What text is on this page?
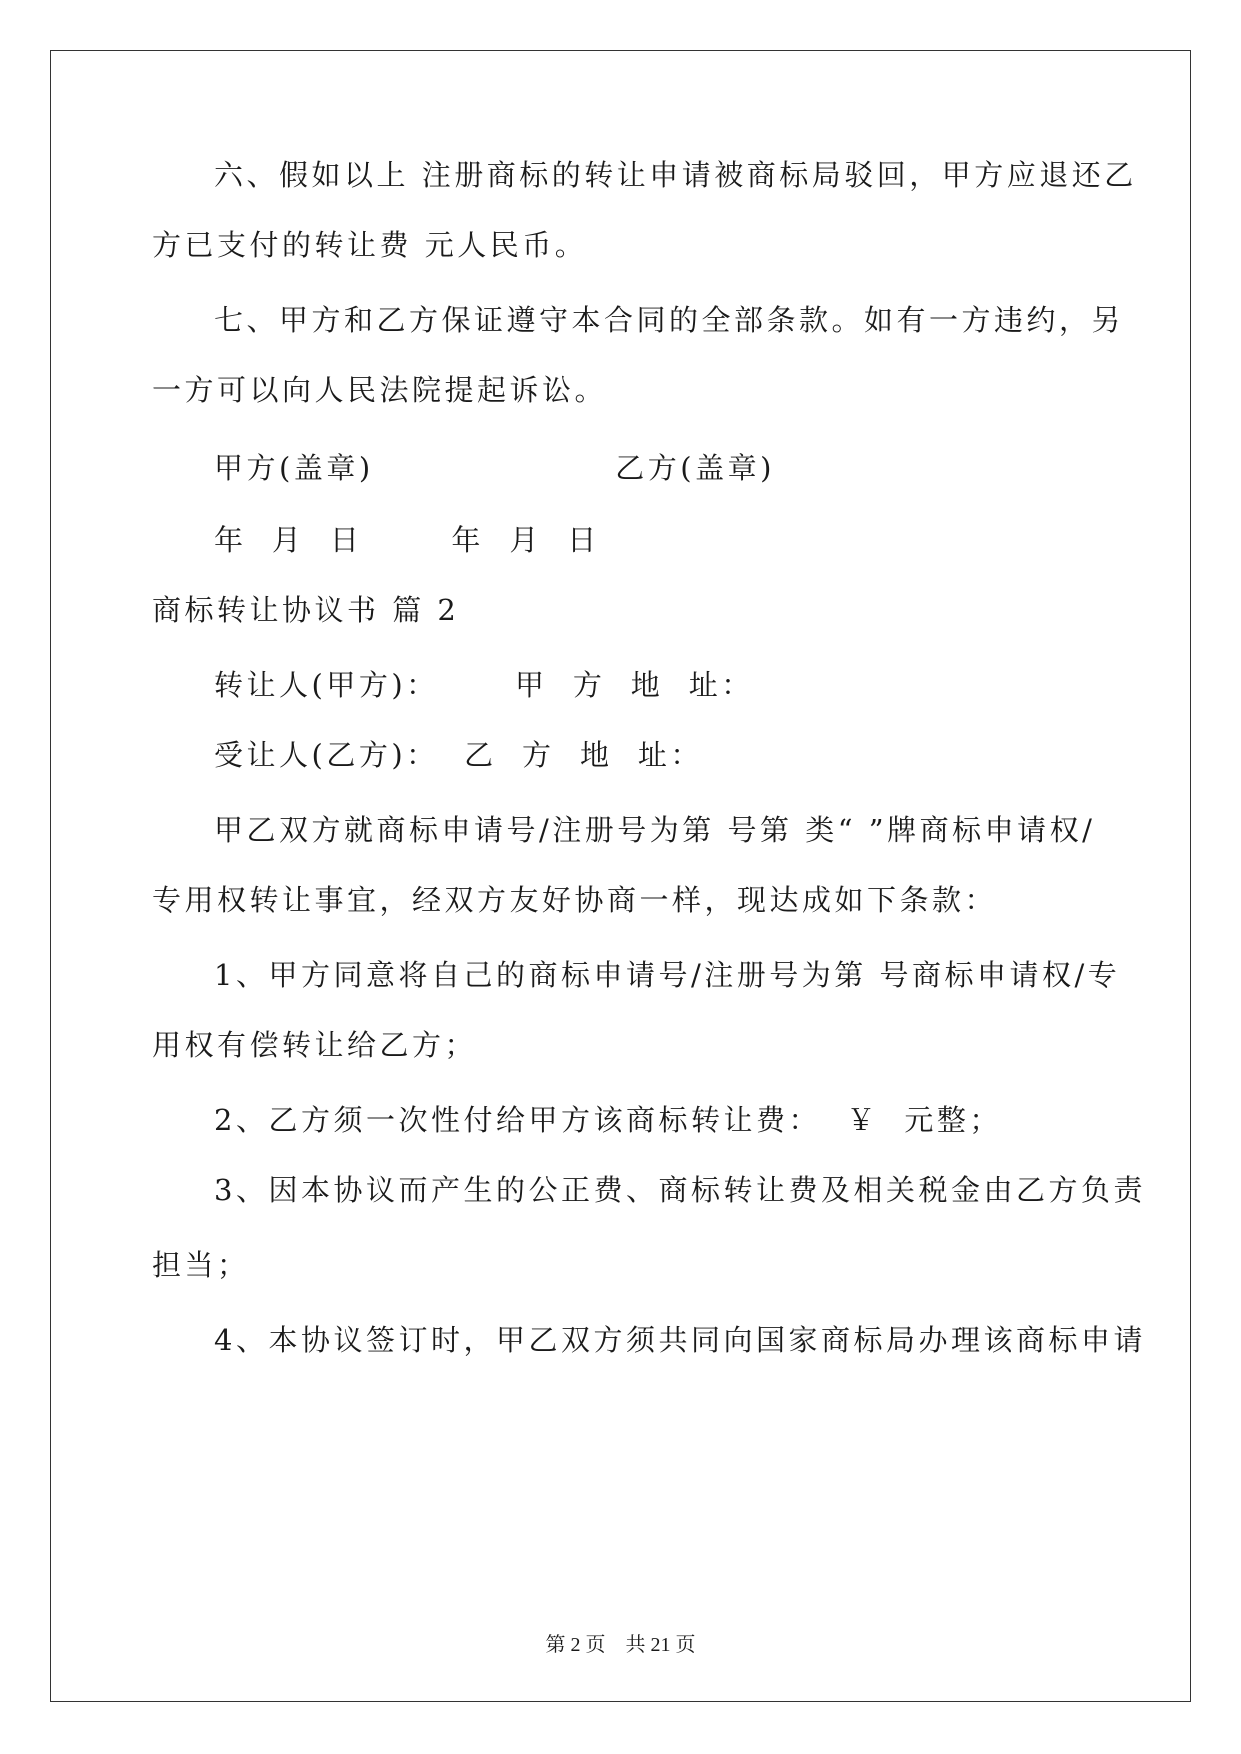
六、假如以上 注册商标的转让申请被商标局驳回，甲方应退还乙
方已支付的转让费 元人民币。
七、甲方和乙方保证遵守本合同的全部条款。如有一方违约，另
一方可以向人民法院提起诉讼。
甲方(盖章)                   乙方(盖章)
年  月  日       年  月  日
商标转让协议书 篇 2
转让人(甲方)：      甲  方  地  址：
受让人(乙方)：  乙  方  地  址：
甲乙双方就商标申请号/注册号为第 号第 类“ ”牌商标申请权/
专用权转让事宜，经双方友好协商一样，现达成如下条款：
1、甲方同意将自己的商标申请号/注册号为第 号商标申请权/专
用权有偿转让给乙方；
2、乙方须一次性付给甲方该商标转让费：  ￥  元整；
3、因本协议而产生的公正费、商标转让费及相关税金由乙方负责
担当；
4、本协议签订时，甲乙双方须共同向国家商标局办理该商标申请
第 2 页    共 21 页
